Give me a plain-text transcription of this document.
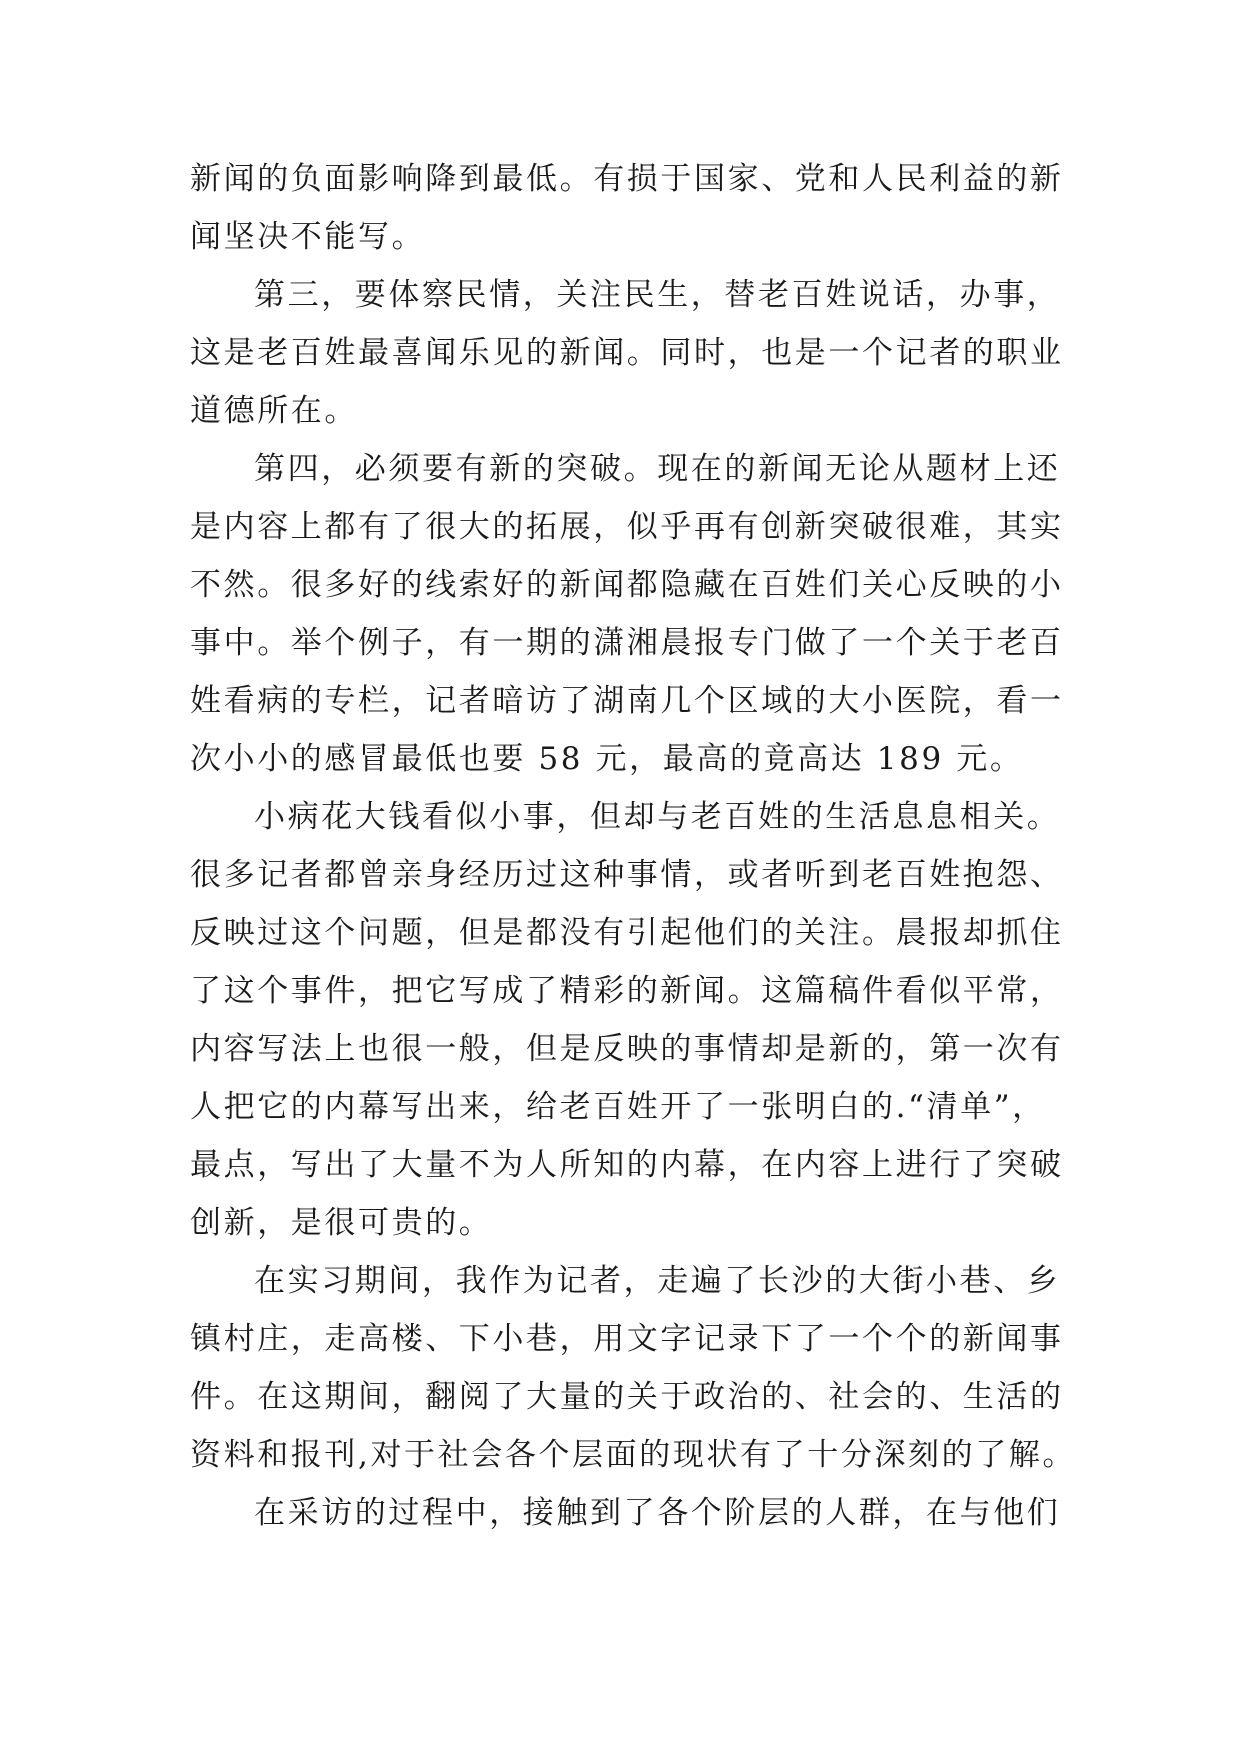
新闻的负面影响降到最低。有损于国家、党和人民利益的新
闻坚决不能写。
第三，要体察民情，关注民生，替老百姓说话，办事，
这是老百姓最喜闻乐见的新闻。同时，也是一个记者的职业
道德所在。
第四，必须要有新的突破。现在的新闻无论从题材上还
是内容上都有了很大的拓展，似乎再有创新突破很难，其实
不然。很多好的线索好的新闻都隐藏在百姓们关心反映的小
事中。举个例子，有一期的潇湘晨报专门做了一个关于老百
姓看病的专栏，记者暗访了湖南几个区域的大小医院，看一
次小小的感冒最低也要 58 元，最高的竟高达 189 元。
小病花大钱看似小事，但却与老百姓的生活息息相关。
很多记者都曾亲身经历过这种事情，或者听到老百姓抱怨、
反映过这个问题，但是都没有引起他们的关注。晨报却抓住
了这个事件，把它写成了精彩的新闻。这篇稿件看似平常，
内容写法上也很一般，但是反映的事情却是新的，第一次有
人把它的内幕写出来，给老百姓开了一张明白的.“清单”，
最点，写出了大量不为人所知的内幕，在内容上进行了突破
创新，是很可贵的。
在实习期间，我作为记者，走遍了长沙的大街小巷、乡
镇村庄，走高楼、下小巷，用文字记录下了一个个的新闻事
件。在这期间，翻阅了大量的关于政治的、社会的、生活的
资料和报刊,对于社会各个层面的现状有了十分深刻的了解。
在采访的过程中，接触到了各个阶层的人群，在与他们
